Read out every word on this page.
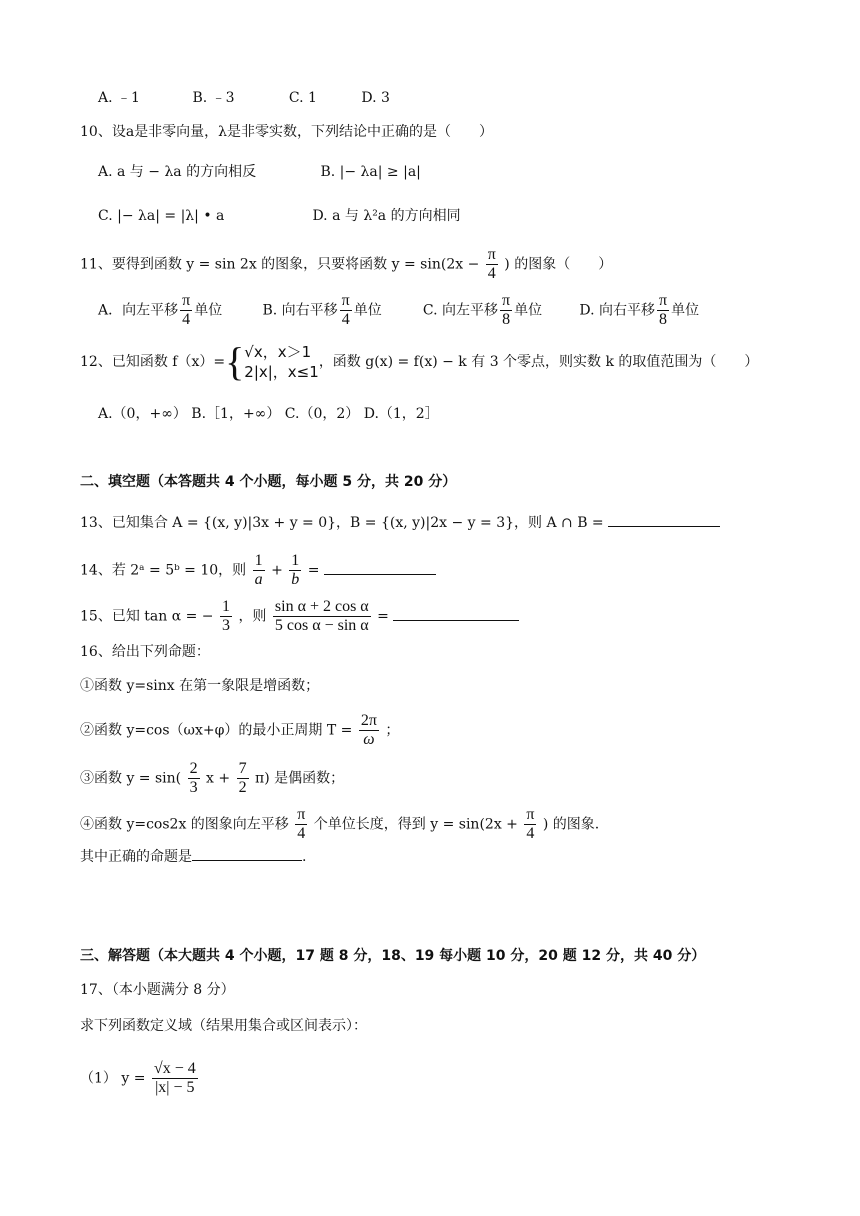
A. ﹣1	B. ﹣3	C. 1	D. 3
10、设a是非零向量，λ是非零实数，下列结论中正确的是（　　）
A. a 与 − λa 的方向相反	B. |− λa| ≥ |a|
C. |− λa| = |λ| • a	D. a 与 λ²a 的方向相同
11、要得到函数 y = sin 2x 的图象，只要将函数 $y = \sin(2x - \frac{\pi}{4}$ ) 的图象（　　）
A．向左平移 $\frac{\pi}{4}$ 单位	B. 向右平移 $\frac{\pi}{4}$ 单位	C. 向左平移 $\frac{\pi}{8}$ 单位	D. 向右平移 $\frac{\pi}{8}$ 单位
12、已知函数 f（x）={ √x，x＞1
2|x|，x≤1
，函数 g(x) = f(x) − k 有 3 个零点，则实数 k 的取值范围为（　　）
A.（0，+∞） B.［1，+∞） C.（0，2） D.（1，2］
二、填空题（本答题共 4 个小题，每小题 5 分，共 20 分）
13、已知集合 A = {(x, y)|3x + y = 0}，B = {(x, y)|2x − y = 3}，则 A ∩ B =
14、若 2ᵃ = 5ᵇ = 10，则 $\frac{1}{a} + \frac{1}{b}$ =
15、已知 tan α = − $\frac{1}{3}$ ，则 $\frac{\text{sin α + 2 cos α}}{\text{5 cos α − sin α}}$ =
16、给出下列命题：
①函数 y=sinx 在第一象限是增函数；
②函数 y=cos（ωx+φ）的最小正周期 $T = \frac{2\pi}{\omega}$ ；
③函数 $y = \sin( \frac{2}{3}$ $x + \frac{7}{2} \pi$) 是偶函数；
④函数 y=cos2x 的图象向左平移 $\frac{\pi}{4}$ 个单位长度，得到 $y = \sin(2x + \frac{\pi}{4}$ ) 的图象.
其中正确的命题是	.
三、解答题（本大题共 4 个小题，17 题 8 分，18、19 每小题 10 分，20 题 12 分，共 40 分）
17、（本小题满分 8 分）
求下列函数定义域（结果用集合或区间表示）：
（1） $y = \frac{√x - 4}{|x| - 5}$
